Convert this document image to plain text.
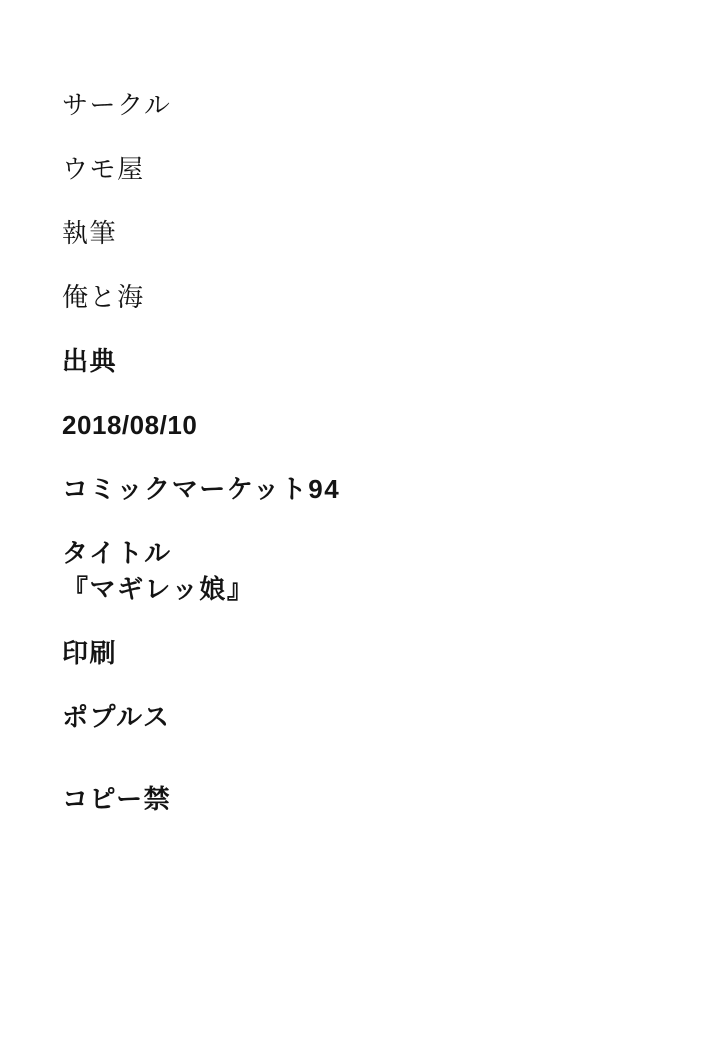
サークル
ウモ屋
執筆
俺と海
出典
2018/08/10
コミックマーケット94
タイトル
『マギレッ娘』
印刷
ポプルス
コピー禁
